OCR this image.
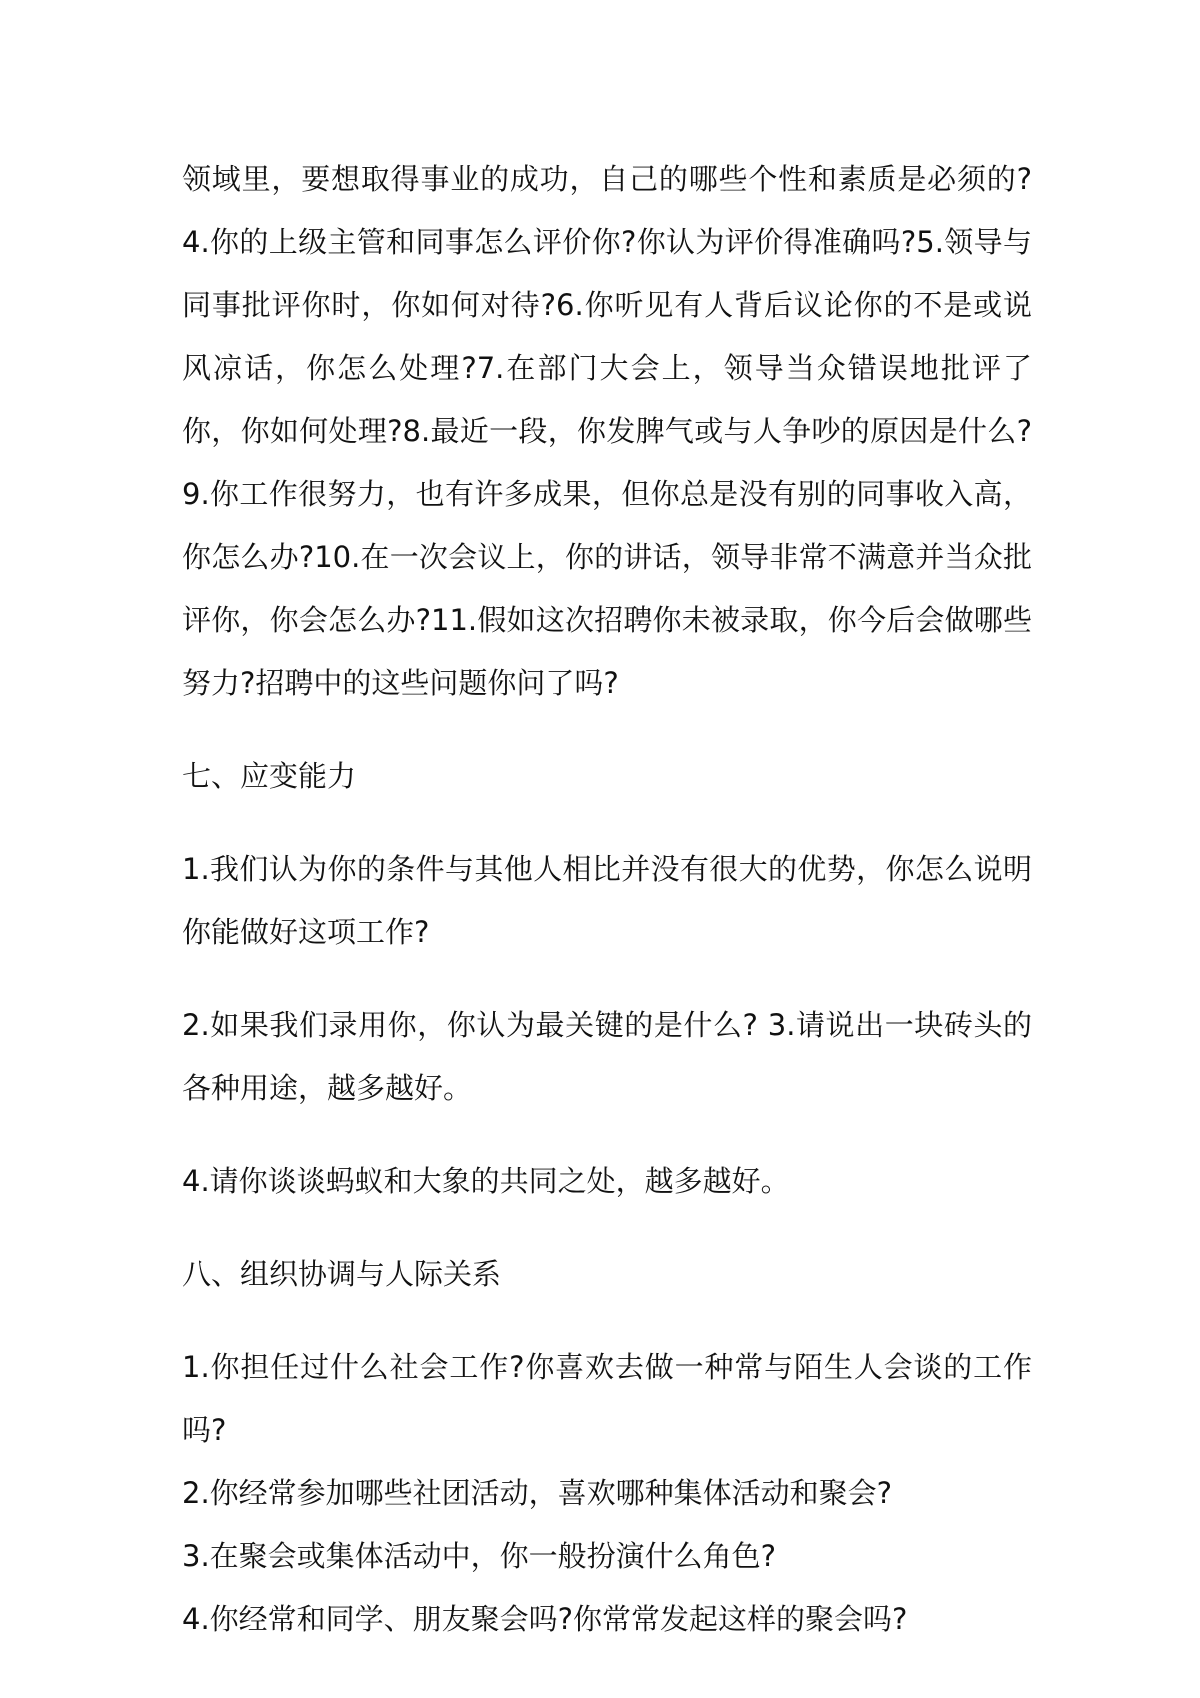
领域里，要想取得事业的成功，自己的哪些个性和素质是必须的?4.你的上级主管和同事怎么评价你?你认为评价得准确吗?5.领导与同事批评你时，你如何对待?6.你听见有人背后议论你的不是或说风凉话，你怎么处理?7.在部门大会上，领导当众错误地批评了你，你如何处理?8.最近一段，你发脾气或与人争吵的原因是什么?9.你工作很努力，也有许多成果，但你总是没有别的同事收入高，你怎么办?10.在一次会议上，你的讲话，领导非常不满意并当众批评你，你会怎么办?11.假如这次招聘你未被录取，你今后会做哪些努力?招聘中的这些问题你问了吗?

七、应变能力

1.我们认为你的条件与其他人相比并没有很大的优势，你怎么说明你能做好这项工作?

2.如果我们录用你，你认为最关键的是什么? 3.请说出一块砖头的各种用途，越多越好。

4.请你谈谈蚂蚁和大象的共同之处，越多越好。

八、组织协调与人际关系

1.你担任过什么社会工作?你喜欢去做一种常与陌生人会谈的工作吗?

2.你经常参加哪些社团活动，喜欢哪种集体活动和聚会?

3.在聚会或集体活动中，你一般扮演什么角色?

4.你经常和同学、朋友聚会吗?你常常发起这样的聚会吗?
